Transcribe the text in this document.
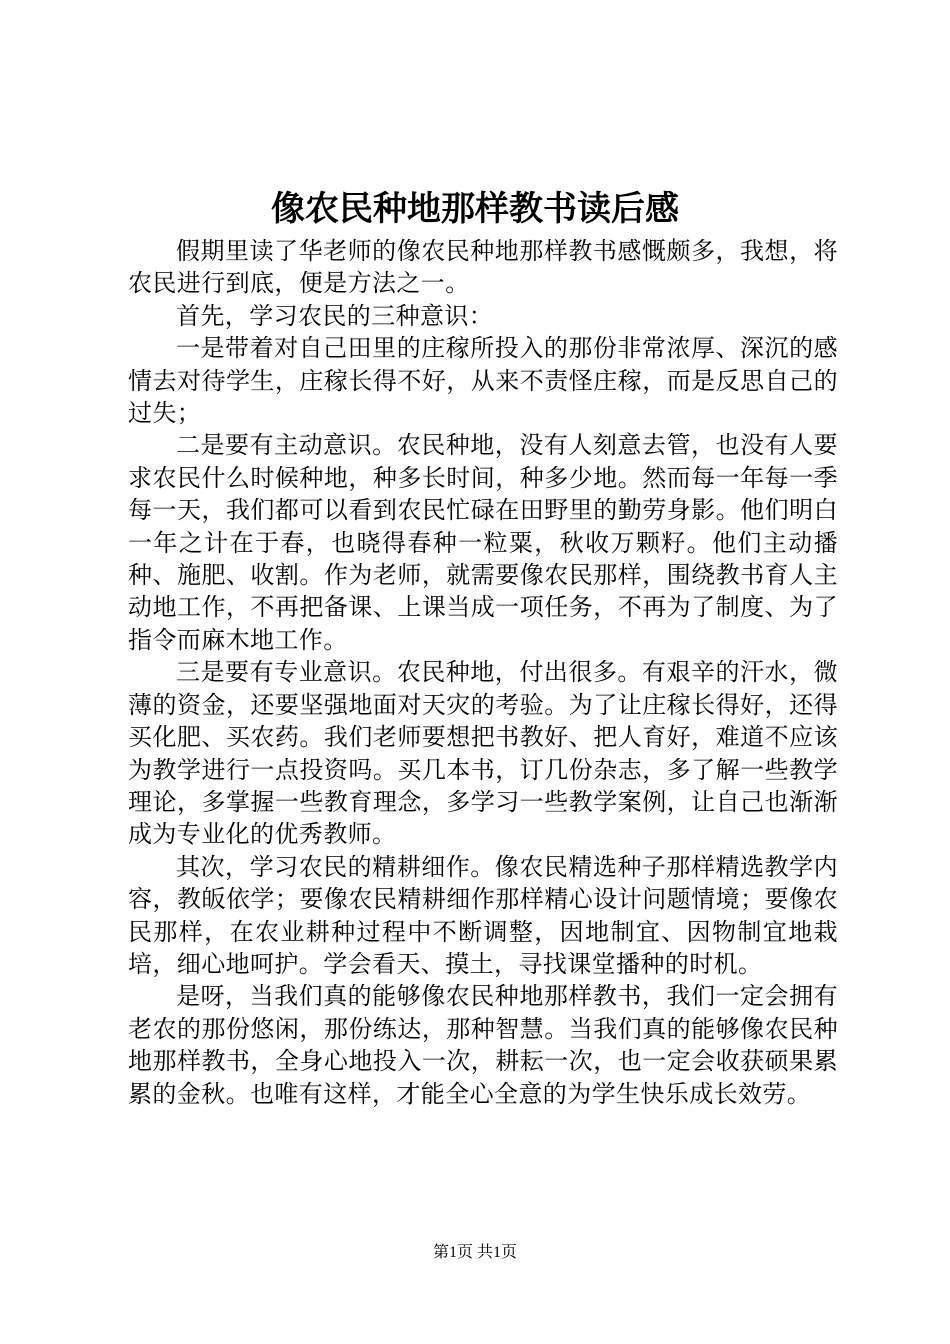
像农民种地那样教书读后感

假期里读了华老师的像农民种地那样教书感慨颇多，我想，将农民进行到底，便是方法之一。

首先，学习农民的三种意识：

一是带着对自己田里的庄稼所投入的那份非常浓厚、深沉的感情去对待学生，庄稼长得不好，从来不责怪庄稼，而是反思自己的过失；

二是要有主动意识。农民种地，没有人刻意去管，也没有人要求农民什么时候种地，种多长时间，种多少地。然而每一年每一季每一天，我们都可以看到农民忙碌在田野里的勤劳身影。他们明白一年之计在于春，也晓得春种一粒粟，秋收万颗籽。他们主动播种、施肥、收割。作为老师，就需要像农民那样，围绕教书育人主动地工作，不再把备课、上课当成一项任务，不再为了制度、为了指令而麻木地工作。

三是要有专业意识。农民种地，付出很多。有艰辛的汗水，微薄的资金，还要坚强地面对天灾的考验。为了让庄稼长得好，还得买化肥、买农药。我们老师要想把书教好、把人育好，难道不应该为教学进行一点投资吗。买几本书，订几份杂志，多了解一些教学理论，多掌握一些教育理念，多学习一些教学案例，让自己也渐渐成为专业化的优秀教师。

其次，学习农民的精耕细作。像农民精选种子那样精选教学内容，教皈依学；要像农民精耕细作那样精心设计问题情境；要像农民那样，在农业耕种过程中不断调整，因地制宜、因物制宜地栽培，细心地呵护。学会看天、摸土，寻找课堂播种的时机。

是呀，当我们真的能够像农民种地那样教书，我们一定会拥有老农的那份悠闲，那份练达，那种智慧。当我们真的能够像农民种地那样教书，全身心地投入一次，耕耘一次，也一定会收获硕果累累的金秋。也唯有这样，才能全心全意的为学生快乐成长效劳。

第1页 共1页
